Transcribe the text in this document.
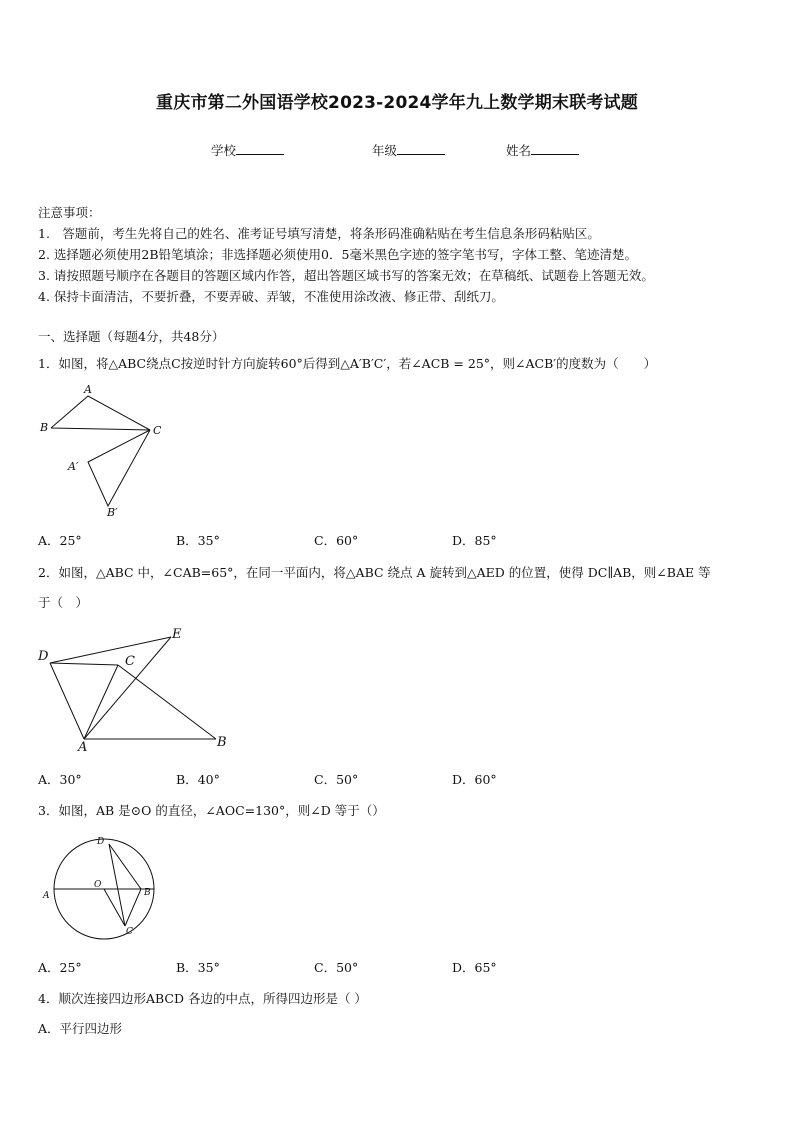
重庆市第二外国语学校2023-2024学年九上数学期末联考试题
学校	年级	姓名
注意事项：
1.　答题前，考生先将自己的姓名、准考证号填写清楚，将条形码准确粘贴在考生信息条形码粘贴区。
2. 选择题必须使用2B铅笔填涂；非选择题必须使用0．5毫米黑色字迹的签字笔书写，字体工整、笔迹清楚。
3. 请按照题号顺序在各题目的答题区域内作答，超出答题区域书写的答案无效；在草稿纸、试题卷上答题无效。
4. 保持卡面清洁，不要折叠，不要弄破、弄皱，不准使用涂改液、修正带、刮纸刀。
一、选择题（每题4分，共48分）
1．如图，将△ABC绕点C按逆时针方向旋转60°后得到△A′B′C′，若∠ACB = 25°，则∠ACB′的度数为（　　）
A
B	C
A′
B′
A．25°	B．35°	C．60°	D．85°
2．如图，△ABC 中，∠CAB=65°，在同一平面内，将△ABC 绕点 A 旋转到△AED 的位置，使得 DC∥AB，则∠BAE 等
于（　）
D
E
C
A	B
A．30°	B．40°	C．50°	D．60°
3．如图，AB 是⊙O 的直径，∠AOC=130°，则∠D 等于（）
D
A
O
B
C
A．25°	B．35°	C．50°	D．65°
4．顺次连接四边形ABCD 各边的中点，所得四边形是（ ）
A．平行四边形
